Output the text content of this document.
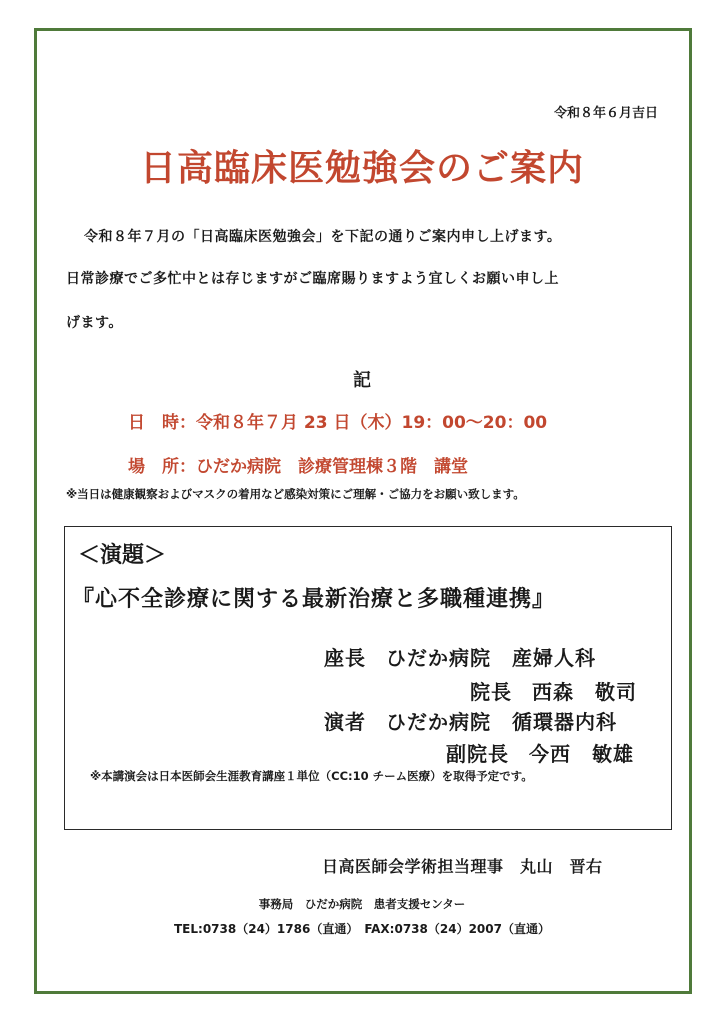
令和８年６月吉日
日高臨床医勉強会のご案内
令和８年７月の「日高臨床医勉強会」を下記の通りご案内申し上げます。
日常診療でご多忙中とは存じますがご臨席賜りますよう宜しくお願い申し上
げます。
記
日　時：令和８年７月 23 日（木）19：00〜20：00
場　所：ひだか病院　診療管理棟３階　講堂
※当日は健康観察およびマスクの着用など感染対策にご理解・ご協力をお願い致します。
＜演題＞
『心不全診療に関する最新治療と多職種連携』
座長 ひだか病院　産婦人科
院長 西森　敬司
演者 ひだか病院　循環器内科
副院長 今西　敏雄
※本講演会は日本医師会生涯教育講座１単位（CC:10 チーム医療）を取得予定です。
日高医師会学術担当理事　丸山　晋右
事務局　ひだか病院　患者支援センター
TEL:0738（24）1786（直通）　FAX:0738（24）2007（直通）
